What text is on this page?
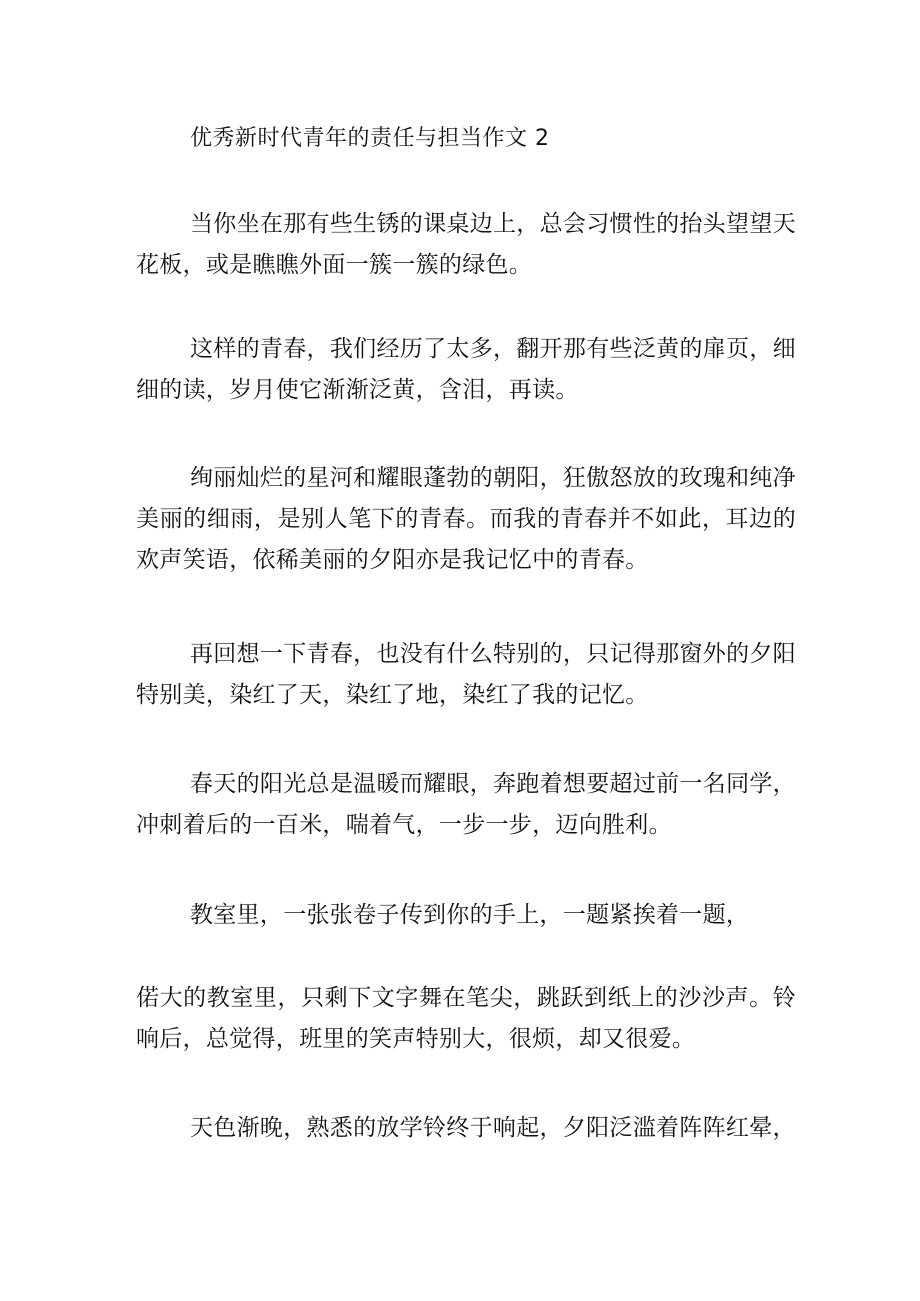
优秀新时代青年的责任与担当作文 2

当你坐在那有些生锈的课桌边上，总会习惯性的抬头望望天花板，或是瞧瞧外面一簇一簇的绿色。

这样的青春，我们经历了太多，翻开那有些泛黄的扉页，细细的读，岁月使它渐渐泛黄，含泪，再读。

绚丽灿烂的星河和耀眼蓬勃的朝阳，狂傲怒放的玫瑰和纯净美丽的细雨，是别人笔下的青春。而我的青春并不如此，耳边的欢声笑语，依稀美丽的夕阳亦是我记忆中的青春。

再回想一下青春，也没有什么特别的，只记得那窗外的夕阳特别美，染红了天，染红了地，染红了我的记忆。

春天的阳光总是温暖而耀眼，奔跑着想要超过前一名同学，冲刺着后的一百米，喘着气，一步一步，迈向胜利。

教室里，一张张卷子传到你的手上，一题紧挨着一题，

偌大的教室里，只剩下文字舞在笔尖，跳跃到纸上的沙沙声。铃响后，总觉得，班里的笑声特别大，很烦，却又很爱。

天色渐晚，熟悉的放学铃终于响起，夕阳泛滥着阵阵红晕，
